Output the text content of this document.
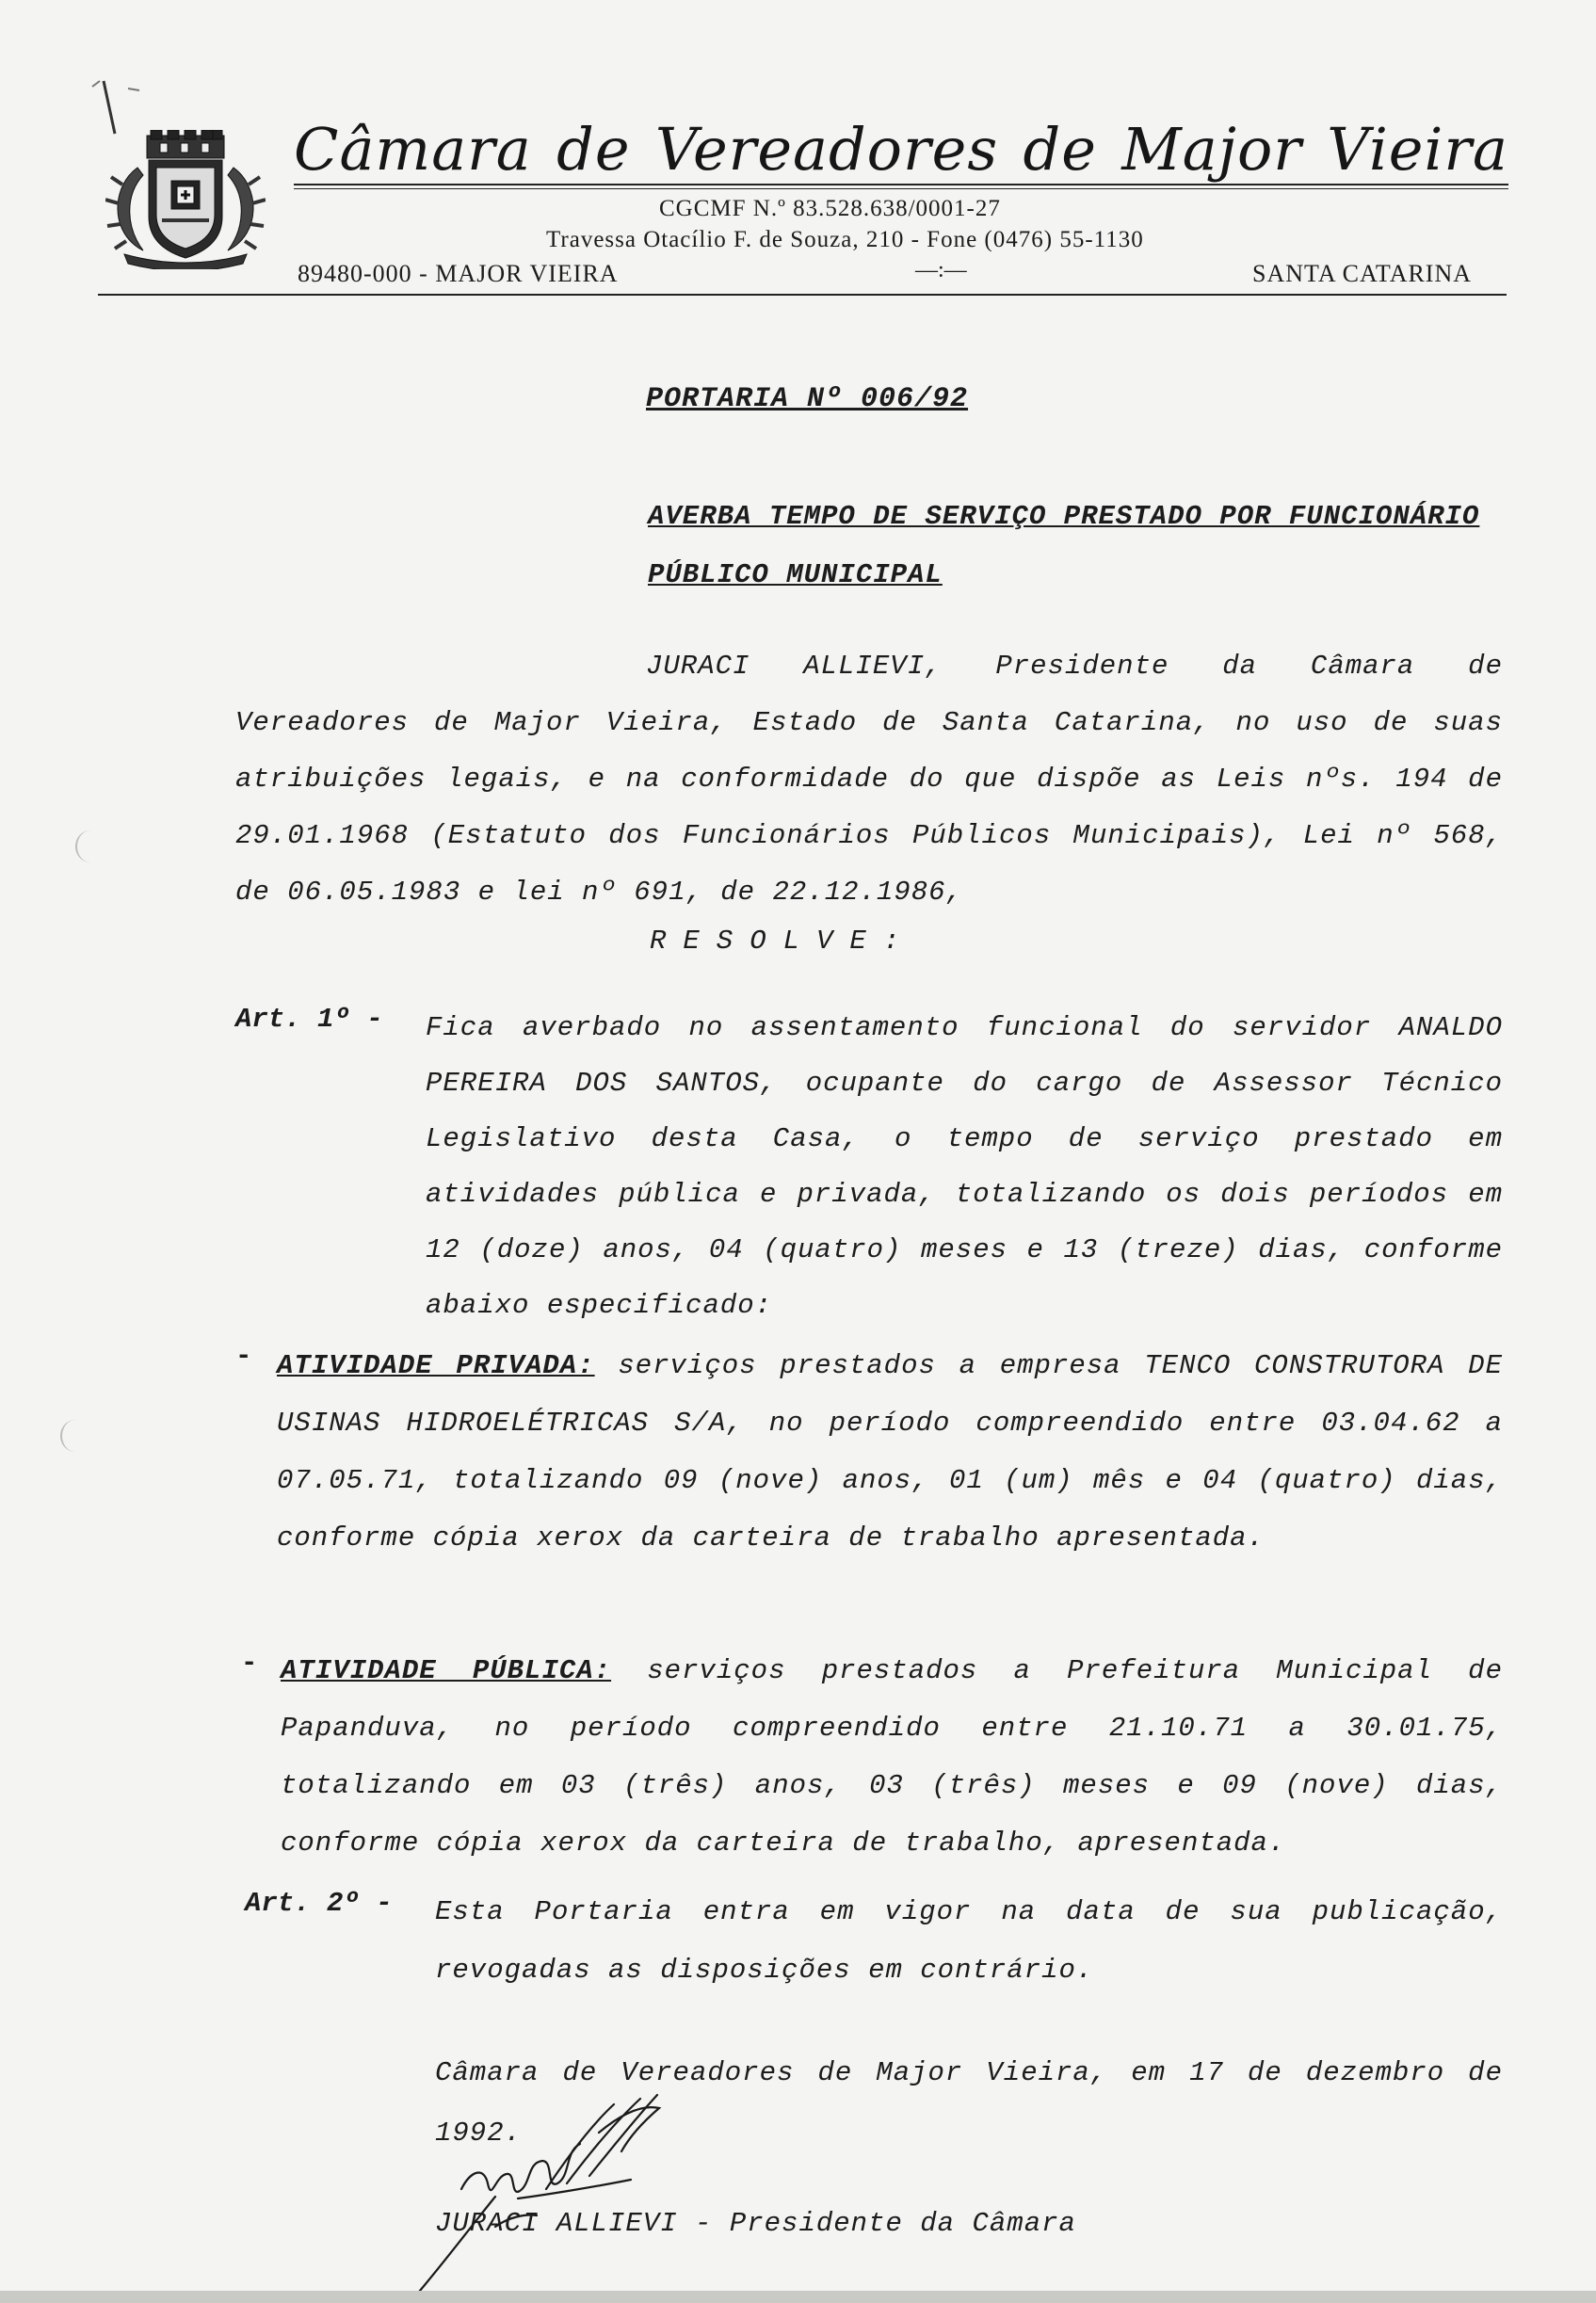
Câmara de Vereadores de Major Vieira
CGCMF N.º 83.528.638/0001-27
Travessa Otacílio F. de Souza, 210 - Fone (0476) 55-1130
89480-000 - MAJOR VIEIRA	—:—	SANTA CATARINA
PORTARIA Nº 006/92
AVERBA TEMPO DE SERVIÇO PRESTADO POR FUNCIONÁRIO PÚBLICO MUNICIPAL
JURACI ALLIEVI, Presidente da Câmara de Vereadores de Major Vieira, Estado de Santa Catarina, no uso de suas atribuições legais, e na conformidade do que dispõe as Leis nºs. 194 de 29.01.1968 (Estatuto dos Funcionários Públicos Municipais), Lei nº 568, de 06.05.1983 e lei nº 691, de 22.12.1986,
RESOLVE:
Art. 1º - Fica averbado no assentamento funcional do servidor ANALDO PEREIRA DOS SANTOS, ocupante do cargo de Assessor Técnico Legislativo desta Casa, o tempo de serviço prestado em atividades pública e privada, totalizando os dois períodos em 12 (doze) anos, 04 (quatro) meses e 13 (treze) dias, conforme abaixo especificado:
- ATIVIDADE PRIVADA: serviços prestados a empresa TENCO CONSTRUTORA DE USINAS HIDROELÉTRICAS S/A, no período compreendido entre 03.04.62 a 07.05.71, totalizando 09 (nove) anos, 01 (um) mês e 04 (quatro) dias, conforme cópia xerox da carteira de trabalho apresentada.
- ATIVIDADE PÚBLICA: serviços prestados a Prefeitura Municipal de Papanduva, no período compreendido entre 21.10.71 a 30.01.75, totalizando em 03 (três) anos, 03 (três) meses e 09 (nove) dias, conforme cópia xerox da carteira de trabalho, apresentada.
Art. 2º - Esta Portaria entra em vigor na data de sua publicação, revogadas as disposições em contrário.
Câmara de Vereadores de Major Vieira, em 17 de dezembro de 1992.
JURACI ALLIEVI - Presidente da Câmara
